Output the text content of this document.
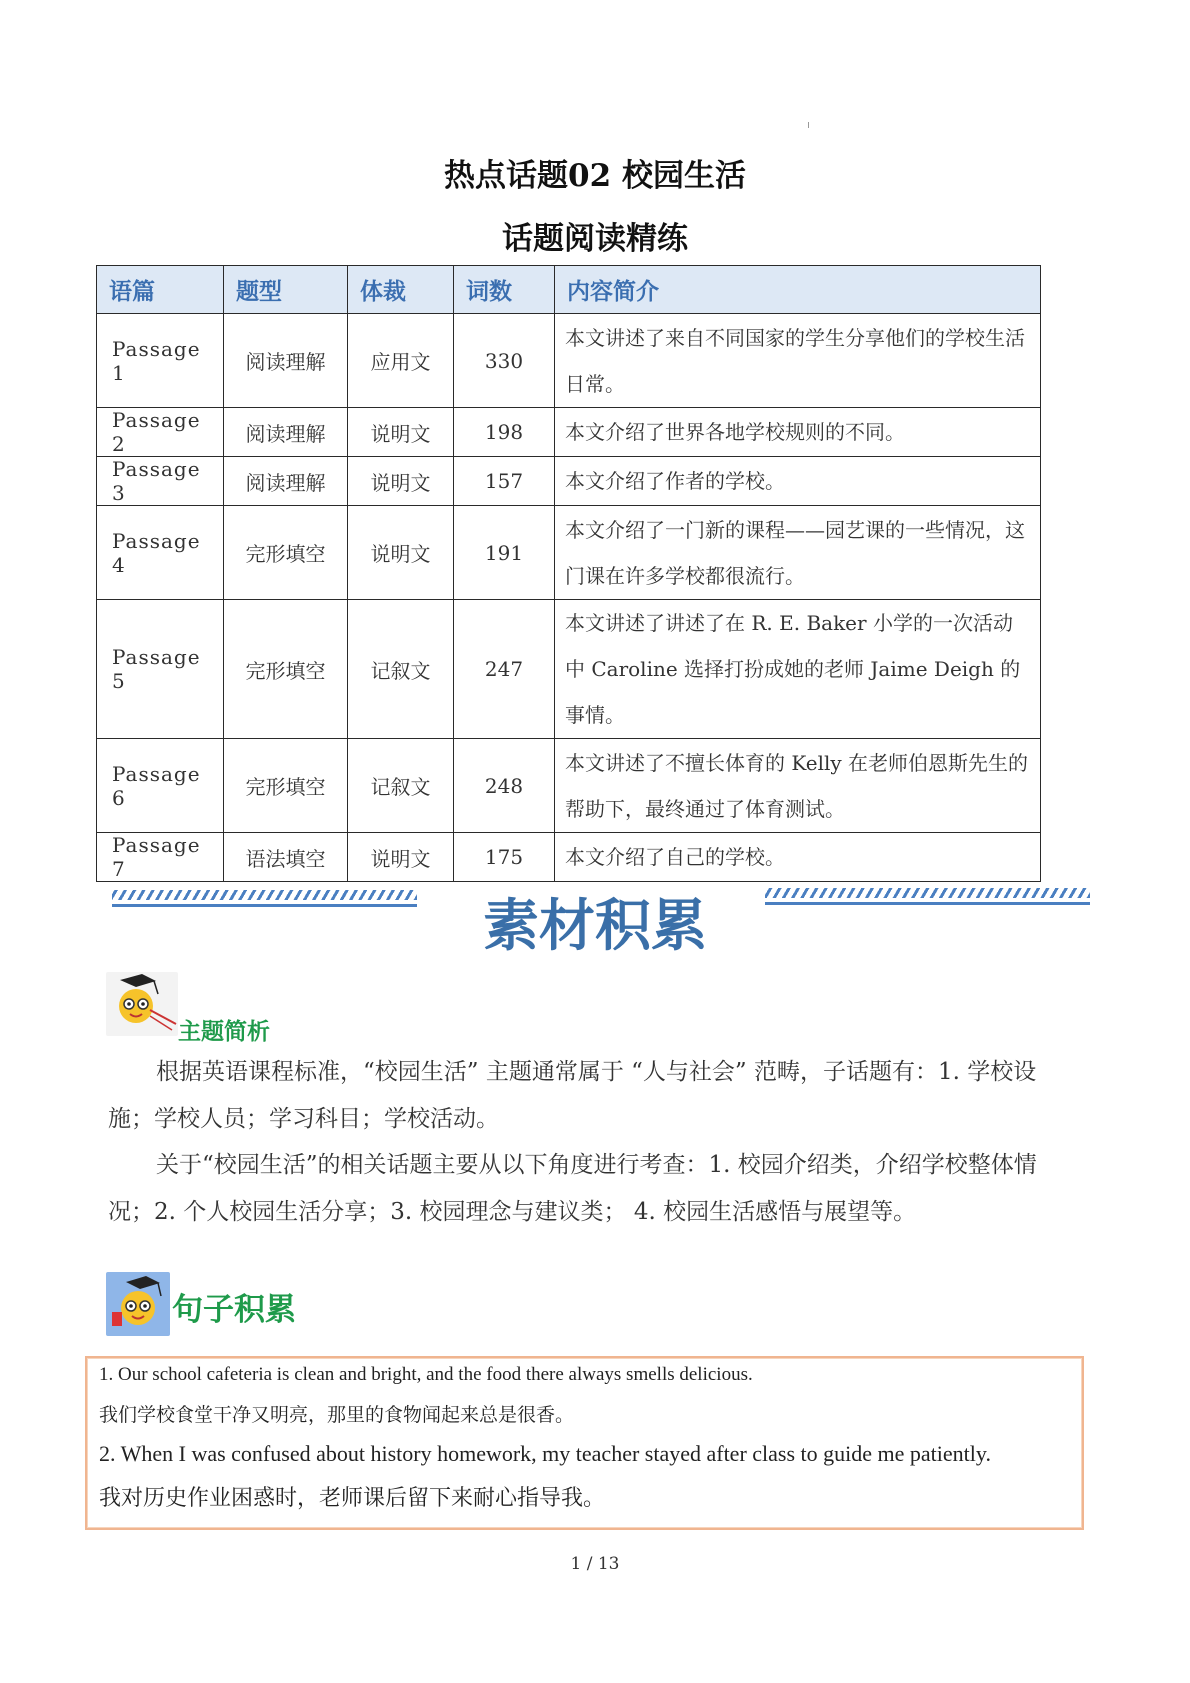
热点话题02 校园生活
话题阅读精练
语篇	题型	体裁	词数	内容简介
Passage 1	阅读理解	应用文	330	本文讲述了来自不同国家的学生分享他们的学校生活日常。
Passage 2	阅读理解	说明文	198	本文介绍了世界各地学校规则的不同。
Passage 3	阅读理解	说明文	157	本文介绍了作者的学校。
Passage 4	完形填空	说明文	191	本文介绍了一门新的课程——园艺课的一些情况，这门课在许多学校都很流行。
Passage 5	完形填空	记叙文	247	本文讲述了讲述了在 R. E. Baker 小学的一次活动中 Caroline 选择打扮成她的老师 Jaime Deigh 的事情。
Passage 6	完形填空	记叙文	248	本文讲述了不擅长体育的 Kelly 在老师伯恩斯先生的帮助下，最终通过了体育测试。
Passage 7	语法填空	说明文	175	本文介绍了自己的学校。
素材积累
主题简析
根据英语课程标准，“校园生活” 主题通常属于 “人与社会” 范畴，子话题有：1. 学校设施；学校人员；学习科目；学校活动。
关于“校园生活”的相关话题主要从以下角度进行考查：1. 校园介绍类，介绍学校整体情况；2. 个人校园生活分享；3. 校园理念与建议类； 4. 校园生活感悟与展望等。
句子积累
1. Our school cafeteria is clean and bright, and the food there always smells delicious.
我们学校食堂干净又明亮，那里的食物闻起来总是很香。
2. When I was confused about history homework, my teacher stayed after class to guide me patiently.
我对历史作业困惑时，老师课后留下来耐心指导我。
1 / 13
